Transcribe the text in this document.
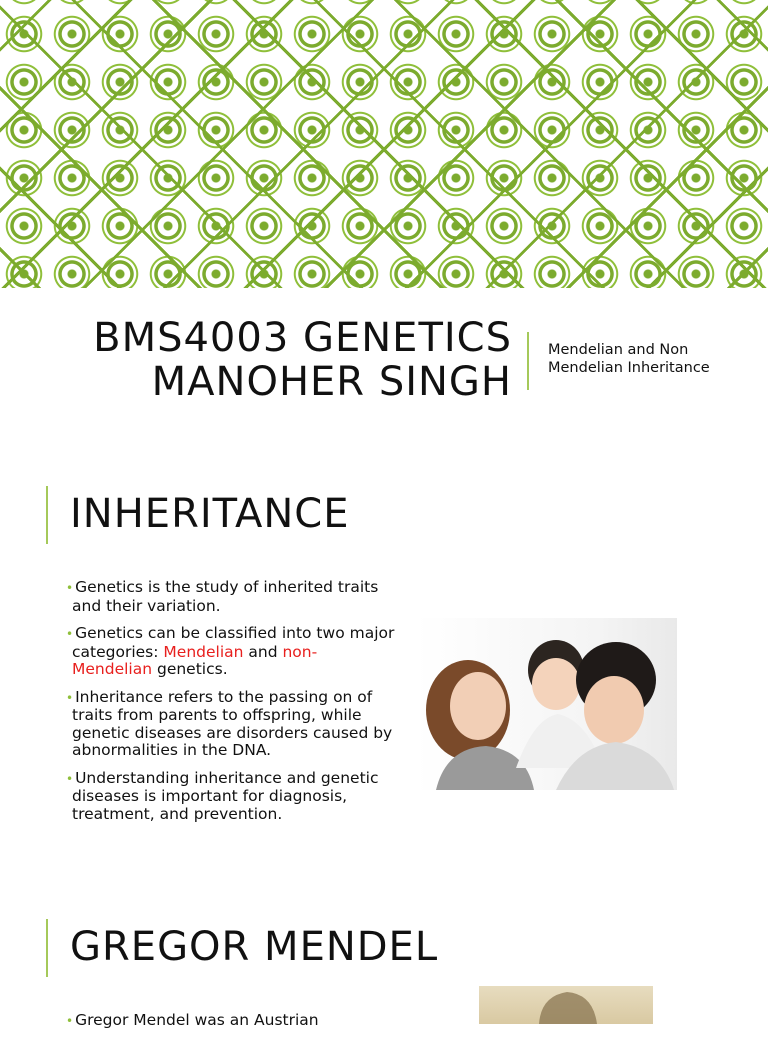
BMS4003 GENETICS
MANOHER SINGH
Mendelian and Non
Mendelian Inheritance
INHERITANCE
• Genetics is the study of inherited traits and their variation.
• Genetics can be classified into two major categories: Mendelian and non-Mendelian genetics.
• Inheritance refers to the passing on of traits from parents to offspring, while genetic diseases are disorders caused by abnormalities in the DNA.
• Understanding inheritance and genetic diseases is important for diagnosis, treatment, and prevention.
GREGOR MENDEL
• Gregor Mendel was an Austrian
